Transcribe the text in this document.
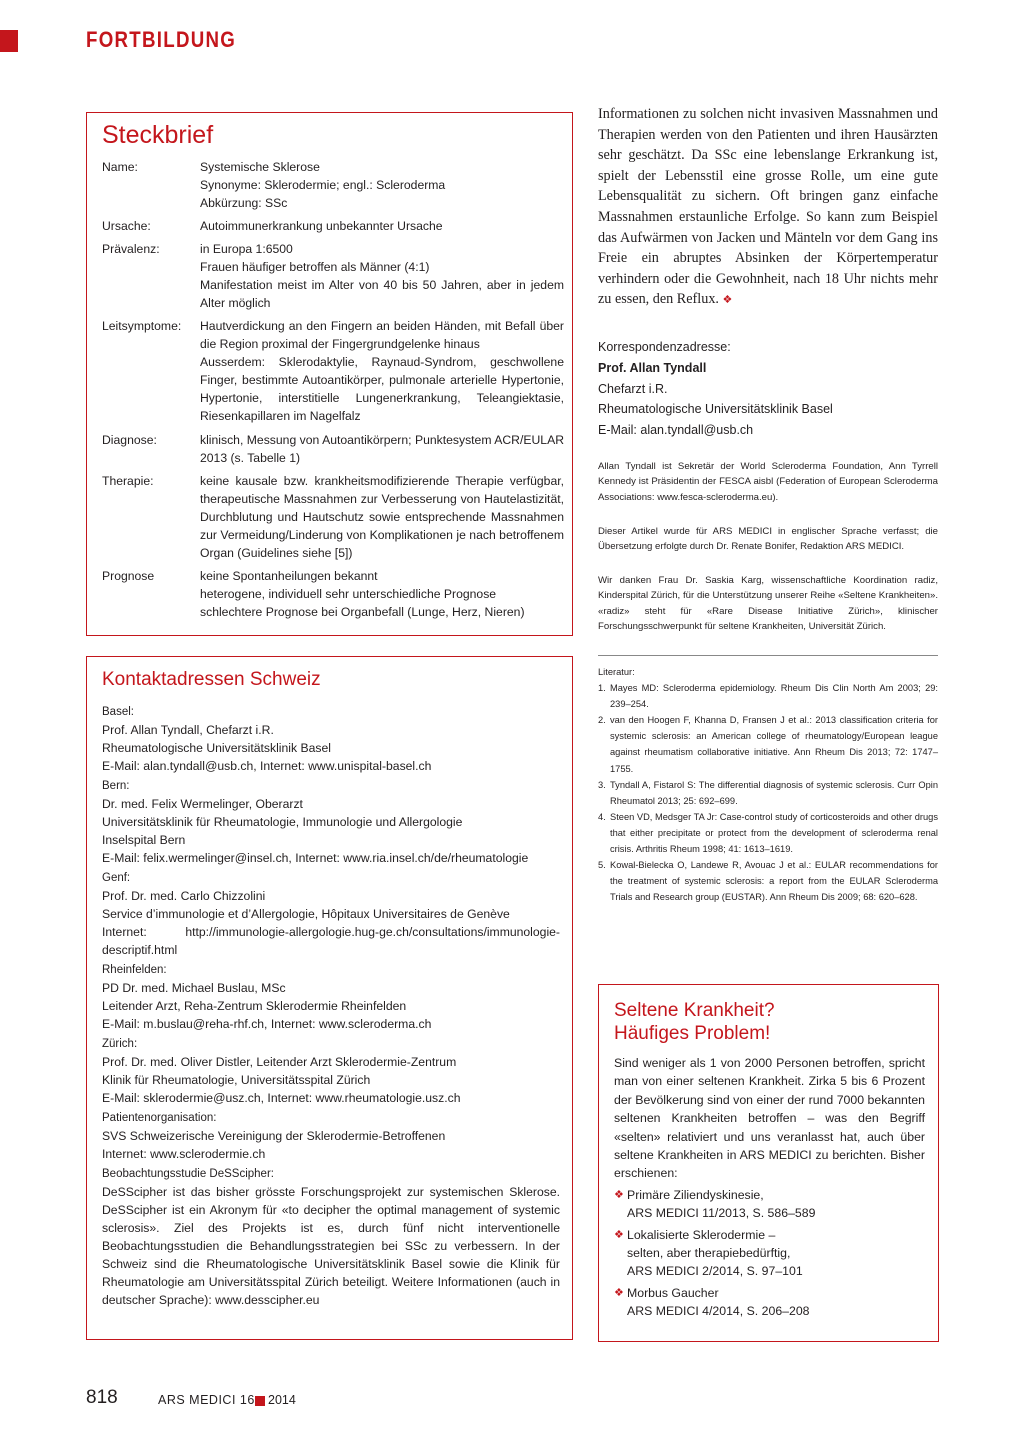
FORTBILDUNG
Steckbrief
Name:	Systemische Sklerose
Synonyme: Sklerodermie; engl.: Scleroderma
Abkürzung: SSc
Ursache:	Autoimmunerkrankung unbekannter Ursache
Prävalenz:	in Europa 1:6500
Frauen häufiger betroffen als Männer (4:1)
Manifestation meist im Alter von 40 bis 50 Jahren, aber in jedem Alter möglich
Leitsymptome:	Hautverdickung an den Fingern an beiden Händen, mit Befall über die Region proximal der Fingergrundgelenke hinaus
Ausserdem: Sklerodaktylie, Raynaud-Syndrom, geschwollene Finger, bestimmte Autoantikörper, pulmonale arterielle Hypertonie, Hypertonie, interstitielle Lungenerkrankung, Teleangiektasie, Riesenkapillaren im Nagelfalz
Diagnose:	klinisch, Messung von Autoantikörpern; Punktesystem ACR/EULAR 2013 (s. Tabelle 1)
Therapie:	keine kausale bzw. krankheitsmodifizierende Therapie verfügbar, therapeutische Massnahmen zur Verbesserung von Hautelastizität, Durchblutung und Hautschutz sowie entsprechende Massnahmen zur Vermeidung/Linderung von Komplikationen je nach betroffenem Organ (Guidelines siehe [5])
Prognose	keine Spontanheilungen bekannt
heterogene, individuell sehr unterschiedliche Prognose
schlechtere Prognose bei Organbefall (Lunge, Herz, Nieren)
Kontaktadressen Schweiz
Basel:
Prof. Allan Tyndall, Chefarzt i.R.
Rheumatologische Universitätsklinik Basel
E-Mail: alan.tyndall@usb.ch, Internet: www.unispital-basel.ch
Bern:
Dr. med. Felix Wermelinger, Oberarzt
Universitätsklinik für Rheumatologie, Immunologie und Allergologie
Inselspital Bern
E-Mail: felix.wermelinger@insel.ch, Internet: www.ria.insel.ch/de/rheumatologie
Genf:
Prof. Dr. med. Carlo Chizzolini
Service d’immunologie et d’Allergologie, Hôpitaux Universitaires de Genève
Internet: http://immunologie-allergologie.hug-ge.ch/consultations/immunologie-descriptif.html
Rheinfelden:
PD Dr. med. Michael Buslau, MSc
Leitender Arzt, Reha-Zentrum Sklerodermie Rheinfelden
E-Mail: m.buslau@reha-rhf.ch, Internet: www.scleroderma.ch
Zürich:
Prof. Dr. med. Oliver Distler, Leitender Arzt Sklerodermie-Zentrum
Klinik für Rheumatologie, Universitätsspital Zürich
E-Mail: sklerodermie@usz.ch, Internet: www.rheumatologie.usz.ch
Patientenorganisation:
SVS Schweizerische Vereinigung der Sklerodermie-Betroffenen
Internet: www.sclerodermie.ch
Beobachtungsstudie DeSScipher:
DeSScipher ist das bisher grösste Forschungsprojekt zur systemischen Sklerose. DeSScipher ist ein Akronym für «to decipher the optimal management of systemic sclerosis». Ziel des Projekts ist es, durch fünf nicht interventionelle Beobachtungsstudien die Behandlungsstrategien bei SSc zu verbessern. In der Schweiz sind die Rheumatologische Universitätsklinik Basel sowie die Klinik für Rheumatologie am Universitätsspital Zürich beteiligt. Weitere Informationen (auch in deutscher Sprache): www.desscipher.eu
Informationen zu solchen nicht invasiven Massnahmen und Therapien werden von den Patienten und ihren Hausärzten sehr geschätzt. Da SSc eine lebenslange Erkrankung ist, spielt der Lebensstil eine grosse Rolle, um eine gute Lebensqualität zu sichern. Oft bringen ganz einfache Massnahmen erstaunliche Erfolge. So kann zum Beispiel das Aufwärmen von Jacken und Mänteln vor dem Gang ins Freie ein abruptes Absinken der Körpertemperatur verhindern oder die Gewohnheit, nach 18 Uhr nichts mehr zu essen, den Reflux. ❖
Korrespondenzadresse:
Prof. Allan Tyndall
Chefarzt i.R.
Rheumatologische Universitätsklinik Basel
E-Mail: alan.tyndall@usb.ch
Allan Tyndall ist Sekretär der World Scleroderma Foundation, Ann Tyrrell Kennedy ist Präsidentin der FESCA aisbl (Federation of European Scleroderma Associations: www.fesca-scleroderma.eu).
Dieser Artikel wurde für ARS MEDICI in englischer Sprache verfasst; die Übersetzung erfolgte durch Dr. Renate Bonifer, Redaktion ARS MEDICI.
Wir danken Frau Dr. Saskia Karg, wissenschaftliche Koordination radiz, Kinderspital Zürich, für die Unterstützung unserer Reihe «Seltene Krankheiten». «radiz» steht für «Rare Disease Initiative Zürich», klinischer Forschungsschwerpunkt für seltene Krankheiten, Universität Zürich.
Literatur:
1. Mayes MD: Scleroderma epidemiology. Rheum Dis Clin North Am 2003; 29: 239–254.
2. van den Hoogen F, Khanna D, Fransen J et al.: 2013 classification criteria for systemic sclerosis: an American college of rheumatology/European league against rheumatism collaborative initiative. Ann Rheum Dis 2013; 72: 1747–1755.
3. Tyndall A, Fistarol S: The differential diagnosis of systemic sclerosis. Curr Opin Rheumatol 2013; 25: 692–699.
4. Steen VD, Medsger TA Jr: Case-control study of corticosteroids and other drugs that either precipitate or protect from the development of scleroderma renal crisis. Arthritis Rheum 1998; 41: 1613–1619.
5. Kowal-Bielecka O, Landewe R, Avouac J et al.: EULAR recommendations for the treatment of systemic sclerosis: a report from the EULAR Scleroderma Trials and Research group (EUSTAR). Ann Rheum Dis 2009; 68: 620–628.
Seltene Krankheit?
Häufiges Problem!
Sind weniger als 1 von 2000 Personen betroffen, spricht man von einer seltenen Krankheit. Zirka 5 bis 6 Prozent der Bevölkerung sind von einer der rund 7000 bekannten seltenen Krankheiten betroffen – was den Begriff «selten» relativiert und uns veranlasst hat, auch über seltene Krankheiten in ARS MEDICI zu berichten. Bisher erschienen:
❖ Primäre Ziliendyskinesie,
ARS MEDICI 11/2013, S. 586–589
❖ Lokalisierte Sklerodermie –
selten, aber therapiebedürftig,
ARS MEDICI 2/2014, S. 97–101
❖ Morbus Gaucher
ARS MEDICI 4/2014, S. 206–208
818	ARS MEDICI 16 2014
